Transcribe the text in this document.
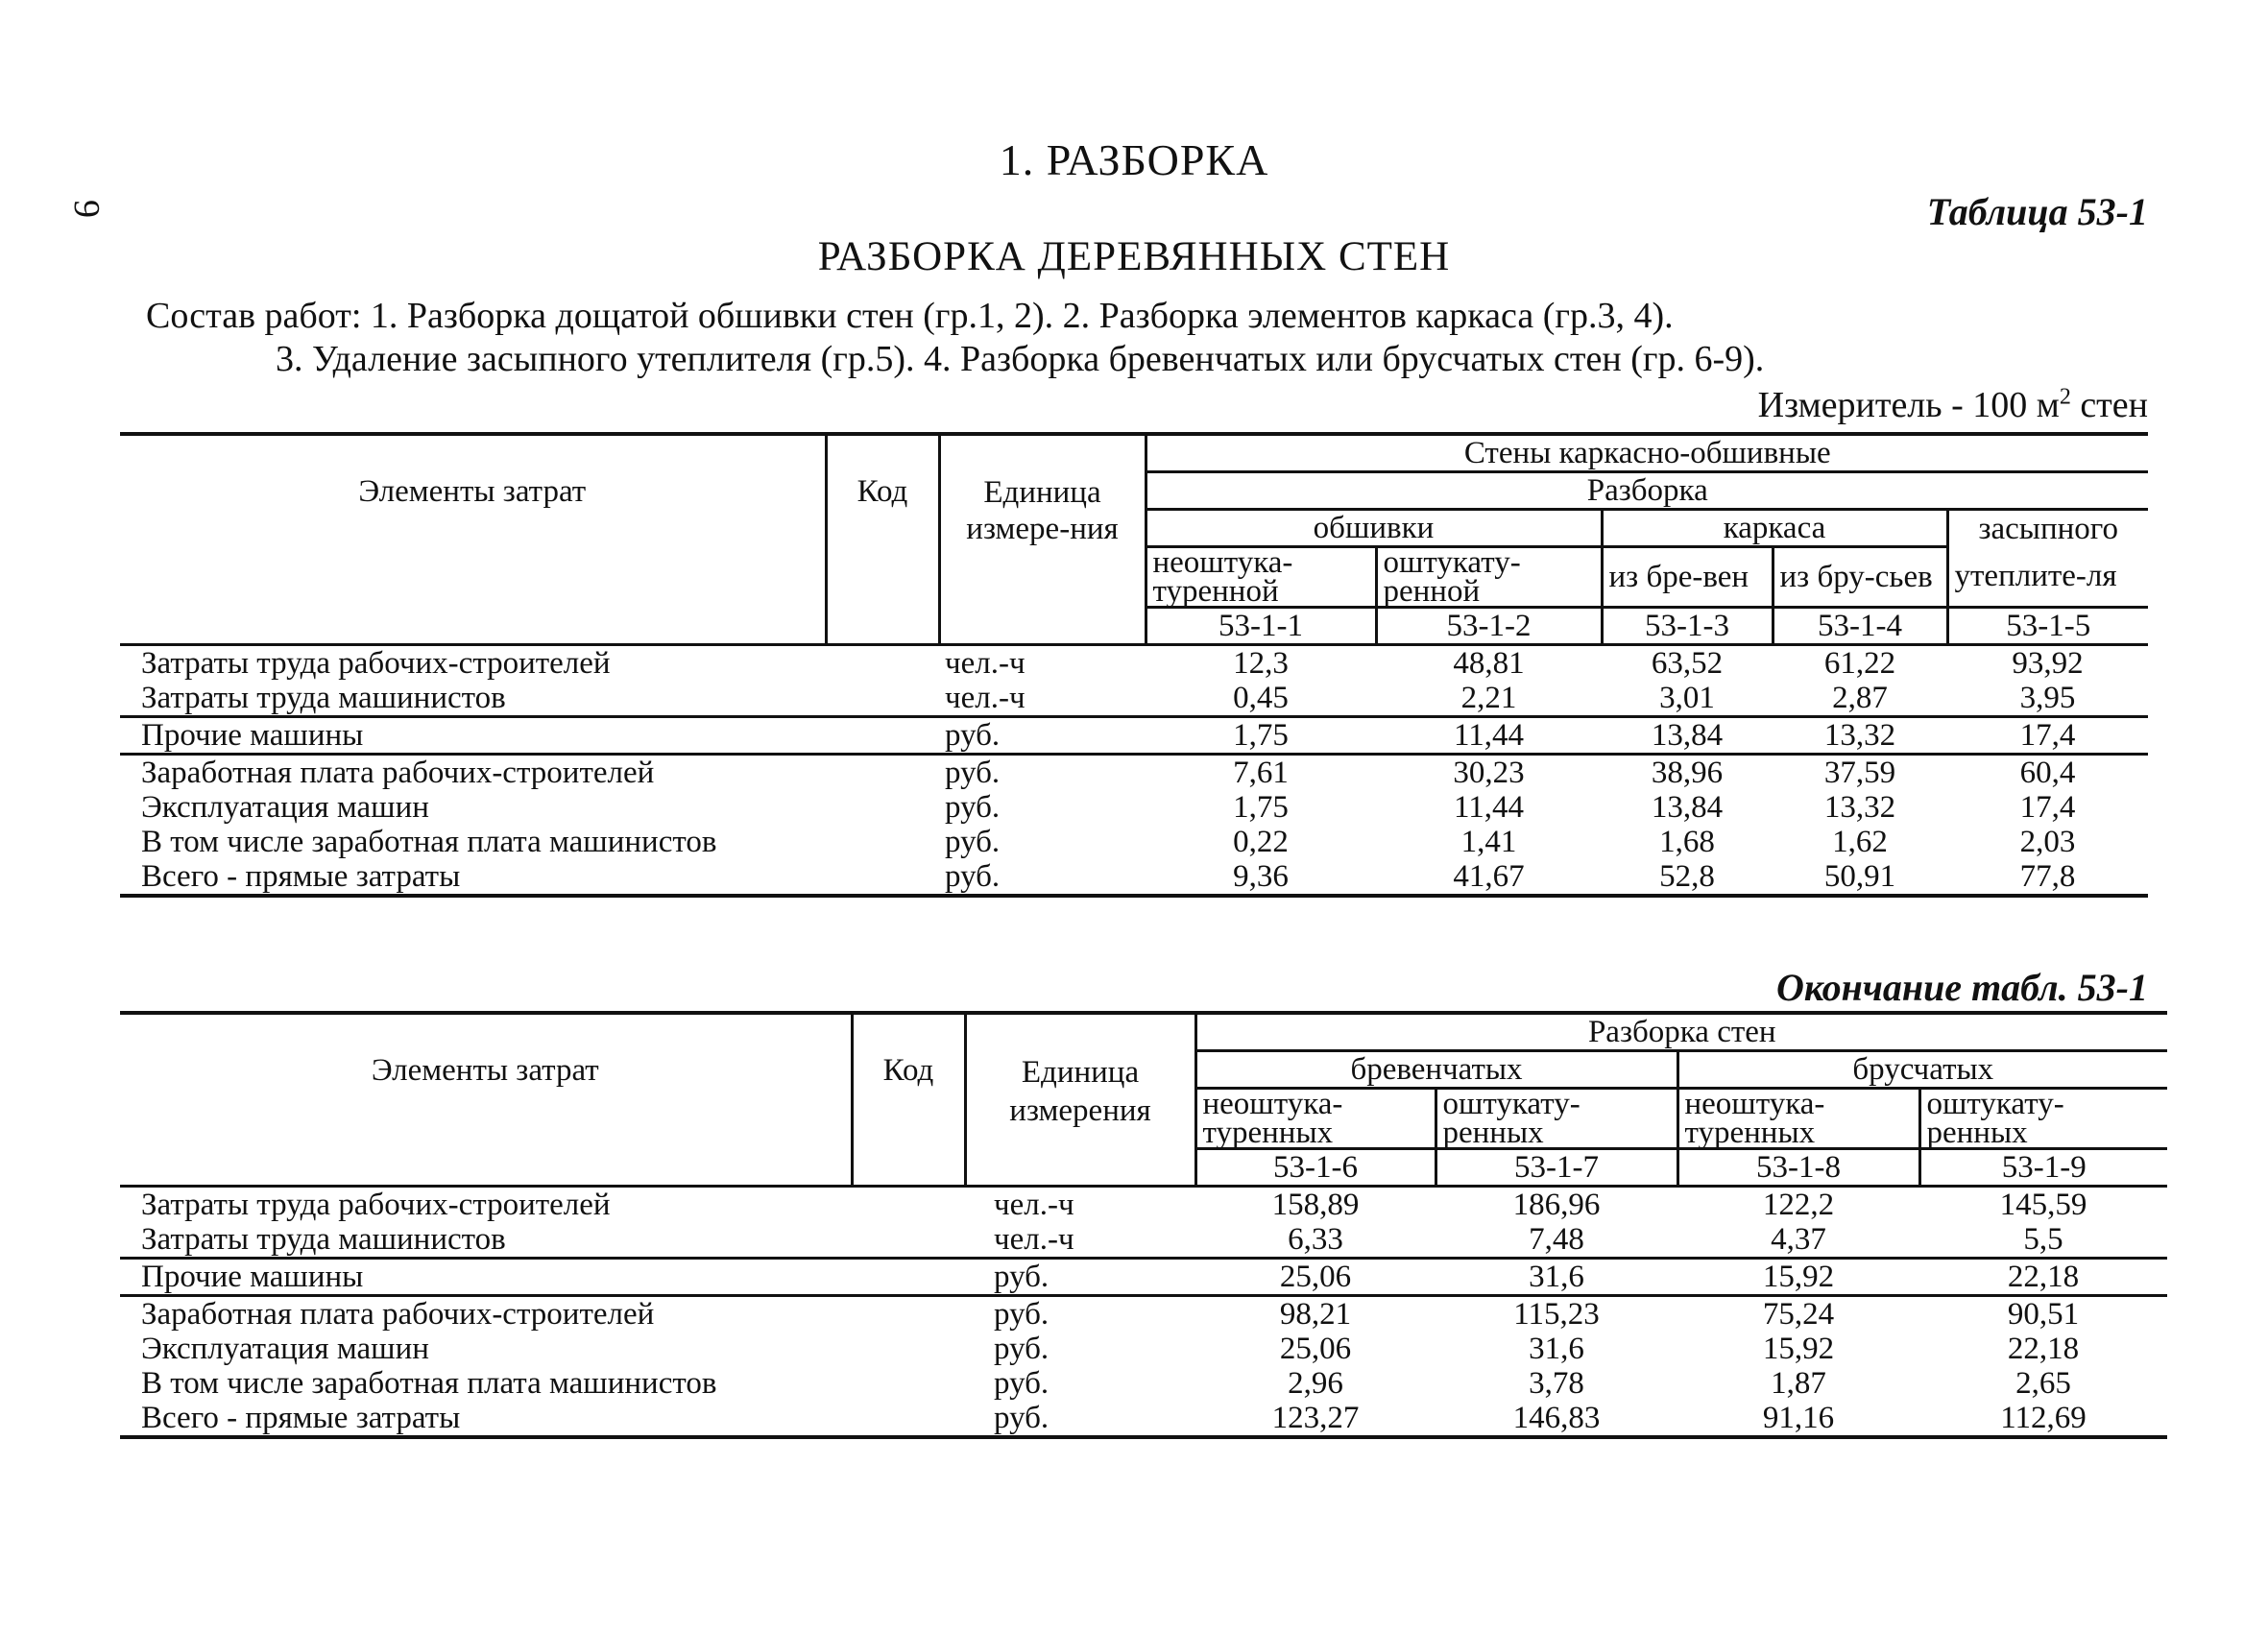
1. РАЗБОРКА
9	Таблица 53-1
РАЗБОРКА ДЕРЕВЯННЫХ СТЕН
Состав работ: 1. Разборка дощатой обшивки стен (гр.1, 2). 2. Разборка элементов каркаса (гр.3, 4).
3. Удаление засыпного утеплителя (гр.5). 4. Разборка бревенчатых или брусчатых стен (гр. 6-9).
Измеритель - 100 $м^2$ стен
Элементы затрат	Код	Единица измере-ния	Стены каркасно-обшивные				
			Разборка				
			обшивки		каркаса		засыпного
			неоштука-туренной	оштукату-ренной	из бре-вен	из бру-сьев	утеплите-ля
			53-1-1	53-1-2	53-1-3	53-1-4	53-1-5
Затраты труда рабочих-строителей		чел.-ч	12,3	48,81	63,52	61,22	93,92
Затраты труда машинистов		чел.-ч	0,45	2,21	3,01	2,87	3,95
Прочие машины		руб.	1,75	11,44	13,84	13,32	17,4
Заработная плата рабочих-строителей		руб.	7,61	30,23	38,96	37,59	60,4
Эксплуатация машин		руб.	1,75	11,44	13,84	13,32	17,4
В том числе заработная плата машинистов		руб.	0,22	1,41	1,68	1,62	2,03
Всего - прямые затраты		руб.	9,36	41,67	52,8	50,91	77,8
Окончание табл. 53-1
Элементы затрат	Код	Единица измерения	Разборка стен			
			бревенчатых		брусчатых	
			неоштука-туренных	оштукату-ренных	неоштука-туренных	оштукату-ренных
			53-1-6	53-1-7	53-1-8	53-1-9
Затраты труда рабочих-строителей		чел.-ч	158,89	186,96	122,2	145,59
Затраты труда машинистов		чел.-ч	6,33	7,48	4,37	5,5
Прочие машины		руб.	25,06	31,6	15,92	22,18
Заработная плата рабочих-строителей		руб.	98,21	115,23	75,24	90,51
Эксплуатация машин		руб.	25,06	31,6	15,92	22,18
В том числе заработная плата машинистов		руб.	2,96	3,78	1,87	2,65
Всего - прямые затраты		руб.	123,27	146,83	91,16	112,69
